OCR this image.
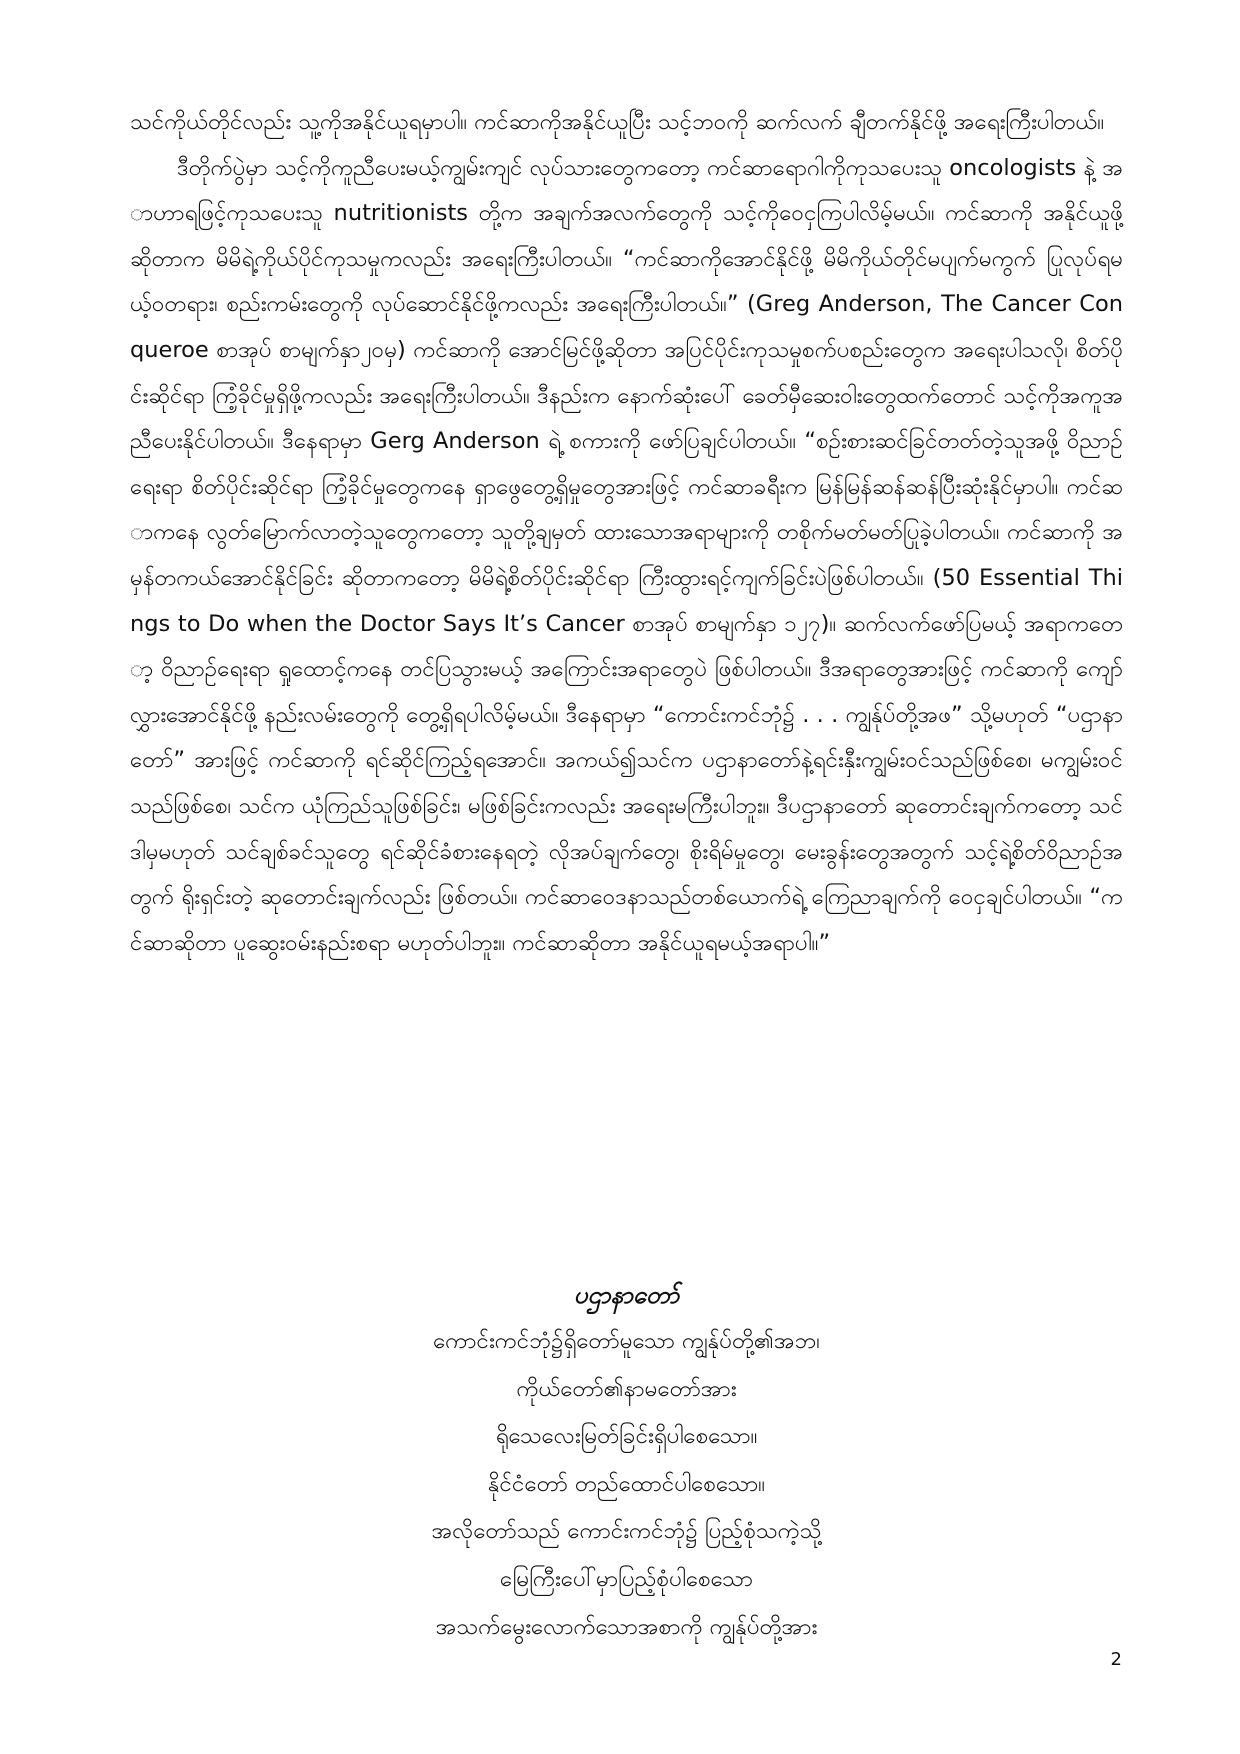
သင်ကိုယ်တိုင်လည်း သူ့ကိုအနိုင်ယူရမှာပါ။ ကင်ဆာကိုအနိုင်ယူပြီး သင့်ဘဝကို ဆက်လက် ချီတက်နိုင်ဖို့ အရေးကြီးပါတယ်။

ဒီတိုက်ပွဲမှာ သင့်ကိုကူညီပေးမယ့်ကျွမ်းကျင် လုပ်သားတွေကတော့ ကင်ဆာရောဂါကိုကုသပေးသူ oncologists နဲ့ အာဟာရဖြင့်ကုသပေးသူ nutritionists တို့က အချက်အလက်တွေကို သင့်ကိုဝေငှကြပါလိမ့်မယ်။ ကင်ဆာကို အနိုင်ယူဖို့ဆိုတာက မိမိရဲ့ကိုယ်ပိုင်ကုသမှုကလည်း အရေးကြီးပါတယ်။ “ကင်ဆာကိုအောင်နိုင်ဖို့ မိမိကိုယ်တိုင်မပျက်မကွက် ပြုလုပ်ရမယ့်ဝတရား၊ စည်းကမ်းတွေကို လုပ်ဆောင်နိုင်ဖို့ကလည်း အရေးကြီးပါတယ်။” (Greg Anderson, The Cancer Conqueroe စာအုပ် စာမျက်နှာ၂၀မှ) ကင်ဆာကို အောင်မြင်ဖို့ဆိုတာ အပြင်ပိုင်းကုသမှုစက်ပစည်းတွေက အရေးပါသလို၊ စိတ်ပိုင်းဆိုင်ရာ ကြံ့ခိုင်မှုရှိဖို့ကလည်း အရေးကြီးပါတယ်။ ဒီနည်းက နောက်ဆုံးပေါ် ခေတ်မှီဆေးဝါးတွေထက်တောင် သင့်ကိုအကူအညီပေးနိုင်ပါတယ်။ ဒီနေရာမှာ Gerg Anderson ရဲ့ စကားကို ဖော်ပြချင်ပါတယ်။ “စဉ်းစားဆင်ခြင်တတ်တဲ့သူအဖို့ ဝိညာဉ်ရေးရာ စိတ်ပိုင်းဆိုင်ရာ ကြံ့ခိုင်မှုတွေကနေ ရှာဖွေတွေ့ရှိမှုတွေအားဖြင့် ကင်ဆာခရီးက မြန်မြန်ဆန်ဆန်ပြီးဆုံးနိုင်မှာပါ။ ကင်ဆာကနေ လွတ်မြောက်လာတဲ့သူတွေကတော့ သူတို့ချမှတ် ထားသောအရာများကို တစိုက်မတ်မတ်ပြုခဲ့ပါတယ်။ ကင်ဆာကို အမှန်တကယ်အောင်နိုင်ခြင်း ဆိုတာကတော့ မိမိရဲ့စိတ်ပိုင်းဆိုင်ရာ ကြီးထွားရင့်ကျက်ခြင်းပဲဖြစ်ပါတယ်။ (50 Essential Things to Do when the Doctor Says It’s Cancer စာအုပ် စာမျက်နှာ ၁၂၇)။ ဆက်လက်ဖော်ပြမယ့် အရာကတော့ ဝိညာဉ်ရေးရာ ရှုထောင့်ကနေ တင်ပြသွားမယ့် အကြောင်းအရာတွေပဲ ဖြစ်ပါတယ်။ ဒီအရာတွေအားဖြင့် ကင်ဆာကို ကျော်လွှားအောင်နိုင်ဖို့ နည်းလမ်းတွေကို တွေ့ရှိရပါလိမ့်မယ်။ ဒီနေရာမှာ “ကောင်းကင်ဘုံ၌ . . . ကျွန်ုပ်တို့အဖ” သို့မဟုတ် “ပဌာနာတော်” အားဖြင့် ကင်ဆာကို ရင်ဆိုင်ကြည့်ရအောင်။ အကယ်၍သင်က ပဌာနာတော်နဲ့ရင်းနှီးကျွမ်းဝင်သည်ဖြစ်စေ၊ မကျွမ်းဝင်သည်ဖြစ်စေ၊ သင်က ယုံကြည်သူဖြစ်ခြင်း၊ မဖြစ်ခြင်းကလည်း အရေးမကြီးပါဘူး။ ဒီပဌာနာတော် ဆုတောင်းချက်ကတော့ သင် ဒါမှမဟုတ် သင်ချစ်ခင်သူတွေ ရင်ဆိုင်ခံစားနေရတဲ့ လိုအပ်ချက်တွေ၊ စိုးရိမ်မှုတွေ၊ မေးခွန်းတွေအတွက် သင့်ရဲ့စိတ်ဝိညာဉ်အတွက် ရိုးရှင်းတဲ့ ဆုတောင်းချက်လည်း ဖြစ်တယ်။ ကင်ဆာဝေဒနာသည်တစ်ယောက်ရဲ့ ကြေညာချက်ကို ဝေငှချင်ပါတယ်။ “ကင်ဆာဆိုတာ ပူဆွေးဝမ်းနည်းစရာ မဟုတ်ပါဘူး။ ကင်ဆာဆိုတာ အနိုင်ယူရမယ့်အရာပါ။”

ပဌာနာတော်

ကောင်းကင်ဘုံ၌ရှိတော်မူသော ကျွန်ုပ်တို့၏အဘ၊

ကိုယ်တော်၏နာမတော်အား

ရိုသေလေးမြတ်ခြင်းရှိပါစေသော။

နိုင်ငံတော် တည်ထောင်ပါစေသော။

အလိုတော်သည် ကောင်းကင်ဘုံ၌ ပြည့်စုံသကဲ့သို့

မြေကြီးပေါ်မှာပြည့်စုံပါစေသော

အသက်မွေးလောက်သောအစာကို ကျွန်ုပ်တို့အား

2
